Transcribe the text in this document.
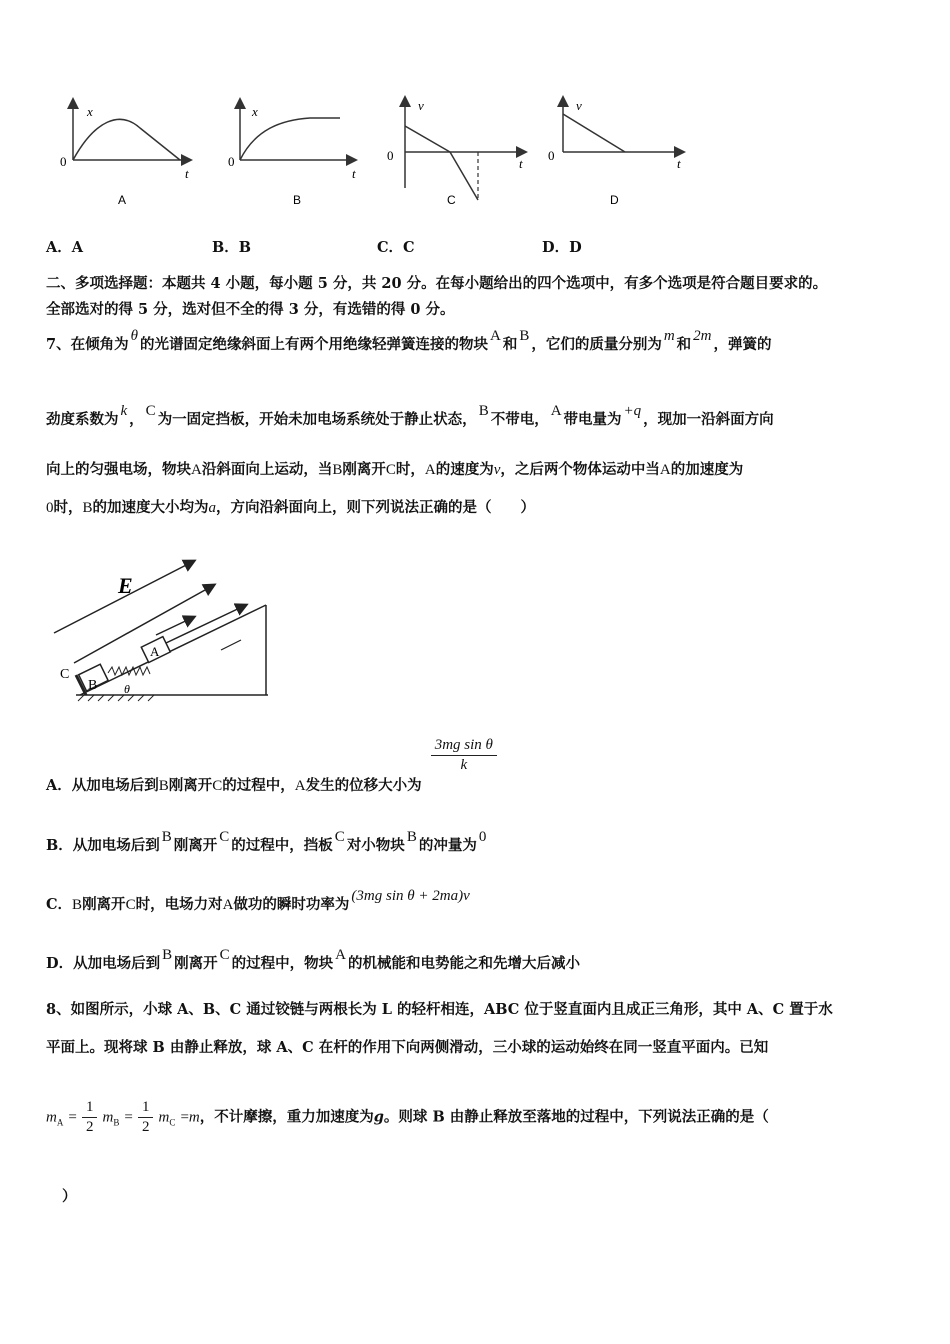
x
0
t
A
x
0
t
B
v
0
t
C
v
0
t
D
A．A	B．B	C．C	D．D
二、多项选择题：本题共 4 小题，每小题 5 分，共 20 分。在每小题给出的四个选项中，有多个选项是符合题目要求的。
全部选对的得 5 分，选对但不全的得 3 分，有选错的得 0 分。
7、在倾角为 θ 的光谱固定绝缘斜面上有两个用绝缘轻弹簧连接的物块 A 和 B ，它们的质量分别为 m 和 2m ，弹簧的
劲度系数为 k ， C 为一固定挡板，开始未加电场系统处于静止状态， B 不带电， A 带电量为 +q ，现加一沿斜面方向
向上的匀强电场，物块A沿斜面向上运动，当B刚离开C时，A的速度为v，之后两个物体运动中当A的加速度为
0时，B的加速度大小均为a，方向沿斜面向上，则下列说法正确的是（　　）
E
C
B
A
θ
A．从加电场后到B刚离开C的过程中，A发生的位移大小为
$\frac{\text{3mg sin θ}}{k}$
B．从加电场后到 B 刚离开 C 的过程中，挡板 C 对小物块 B 的冲量为 0
C．B刚离开C时，电场力对A做功的瞬时功率为 (3mg sin θ + 2ma)v
D．从加电场后到 B 刚离开 C 的过程中，物块 A 的机械能和电势能之和先增大后减小
8、如图所示，小球 A、B、C 通过铰链与两根长为 L 的轻杆相连，ABC 位于竖直面内且成正三角形，其中 A、C 置于水
平面上。现将球 B 由静止释放，球 A、C 在杆的作用下向两侧滑动，三小球的运动始终在同一竖直平面内。已知
$m_A = \frac{1}{2} m_B = \frac{1}{2} m_C =m$，不计摩擦，重力加速度为g。则球 B 由静止释放至落地的过程中，下列说法正确的是（
）
